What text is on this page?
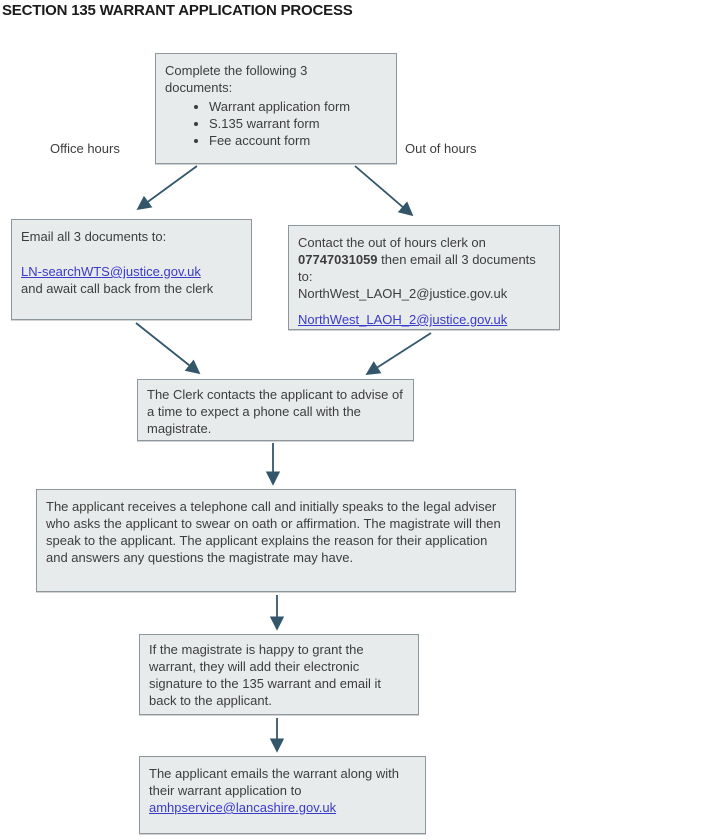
SECTION 135 WARRANT APPLICATION PROCESS
Office hours	Out of hours
Complete the following 3 documents:
• Warrant application form
• S.135 warrant form
• Fee account form
Email all 3 documents to:
LN-searchWTS@justice.gov.uk
and await call back from the clerk
Contact the out of hours clerk on 07747031059 then email all 3 documents to:
NorthWest_LAOH_2@justice.gov.uk
NorthWest_LAOH_2@justice.gov.uk
The Clerk contacts the applicant to advise of a time to expect a phone call with the magistrate.
The applicant receives a telephone call and initially speaks to the legal adviser who asks the applicant to swear on oath or affirmation. The magistrate will then speak to the applicant. The applicant explains the reason for their application and answers any questions the magistrate may have.
If the magistrate is happy to grant the warrant, they will add their electronic signature to the 135 warrant and email it back to the applicant.
The applicant emails the warrant along with their warrant application to amhpservice@lancashire.gov.uk
